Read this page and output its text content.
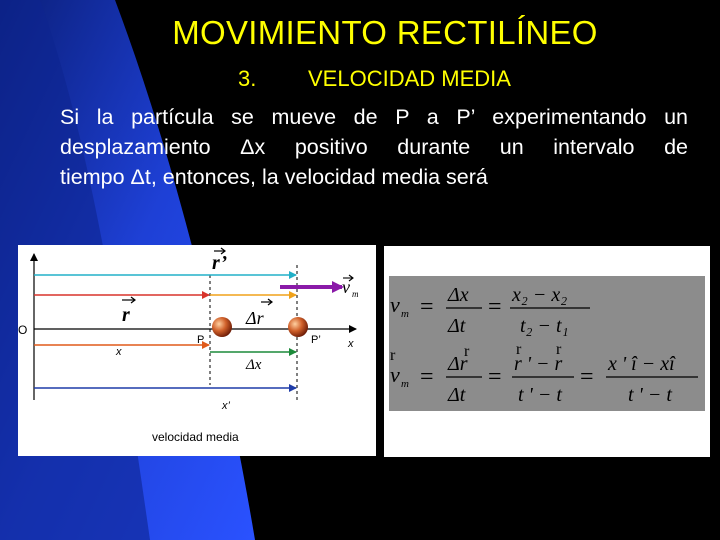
MOVIMIENTO RECTILÍNEO
3. VELOCIDAD MEDIA
Si la partícula se mueve de P a P’ experimentando un
desplazamiento Δx positivo durante un intervalo de
tiempo Δt, entonces, la velocidad media será
O
r’
r	Δr
v m
x
P	P’ x
Δx
x’
velocidad media
v m = Δx
Δt
= x₂ − x₂
t₂ − t₁
r
v m =
r
Δr
Δt
=
r r
r ' − r
t ' − t
= x ' î − xî
t ' − t
